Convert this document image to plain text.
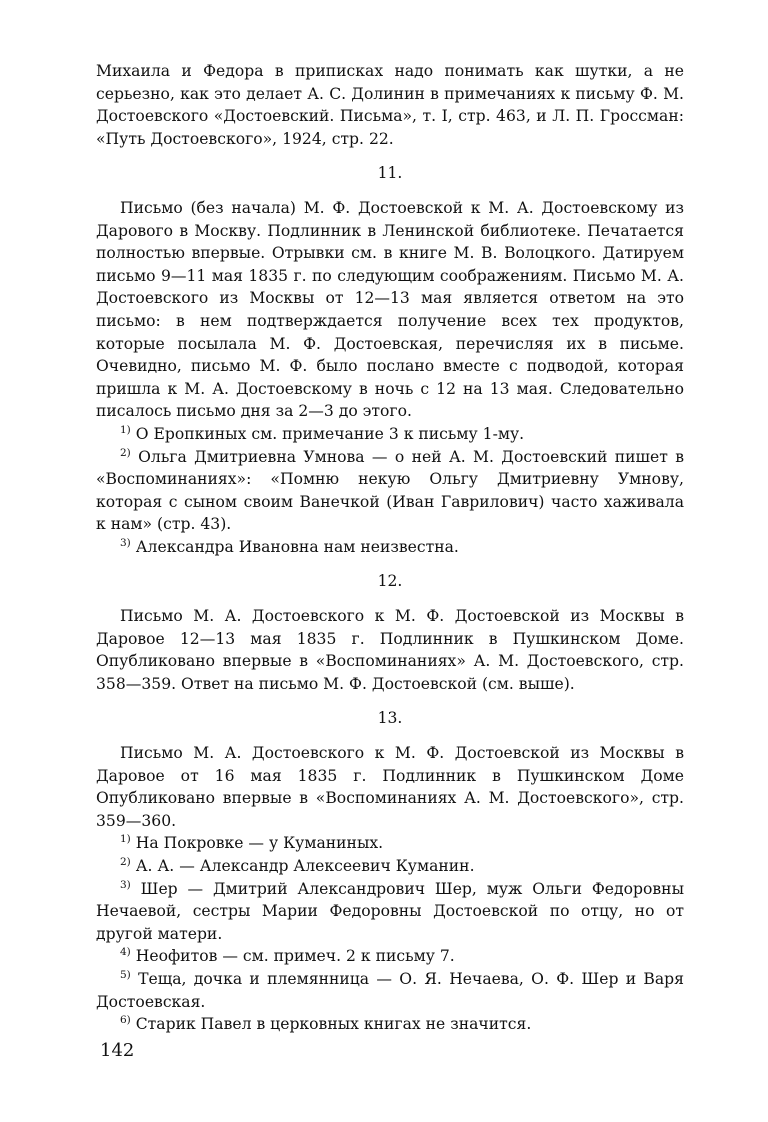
Михаила и Федора в приписках надо понимать как шутки, а не серьезно, как это делает А. С. Долинин в примечаниях к письму Ф. М. Достоевского «Достоевский. Письма», т. I, стр. 463, и Л. П. Гроссман: «Путь Достоевского», 1924, стр. 22.

11.

Письмо (без начала) М. Ф. Достоевской к М. А. Достоевскому из Дарового в Москву. Подлинник в Ленинской библиотеке. Печатается полностью впервые. Отрывки см. в книге М. В. Волоцкого. Датируем письмо 9—11 мая 1835 г. по следующим соображениям. Письмо М. А. Достоевского из Москвы от 12—13 мая является ответом на это письмо: в нем подтверждается получение всех тех продуктов, которые посылала М. Ф. Достоевская, перечисляя их в письме. Очевидно, письмо М. Ф. было послано вместе с подводой, которая пришла к М. А. Достоевскому в ночь с 12 на 13 мая. Следовательно писалось письмо дня за 2—3 до этого.

$^{1)}$ О Еропкиных см. примечание 3 к письму 1-му.

$^{2)}$ Ольга Дмитриевна Умнова — о ней А. М. Достоевский пишет в «Воспоминаниях»: «Помню некую Ольгу Дмитриевну Умнову, которая с сыном своим Ванечкой (Иван Гаврилович) часто хаживала к нам» (стр. 43).

$^{3)}$ Александра Ивановна нам неизвестна.

12.

Письмо М. А. Достоевского к М. Ф. Достоевской из Москвы в Даровое 12—13 мая 1835 г. Подлинник в Пушкинском Доме. Опубликовано впервые в «Воспоминаниях» А. М. Достоевского, стр. 358—359. Ответ на письмо М. Ф. Достоевской (см. выше).

13.

Письмо М. А. Достоевского к М. Ф. Достоевской из Москвы в Даровое от 16 мая 1835 г. Подлинник в Пушкинском Доме Опубликовано впервые в «Воспоминаниях А. М. Достоевского», стр. 359—360.

$^{1)}$ На Покровке — у Куманиных.

$^{2)}$ А. А. — Александр Алексеевич Куманин.

$^{3)}$ Шер — Дмитрий Александрович Шер, муж Ольги Федоровны Нечаевой, сестры Марии Федоровны Достоевской по отцу, но от другой матери.

$^{4)}$ Неофитов — см. примеч. 2 к письму 7.

$^{5)}$ Теща, дочка и племянница — О. Я. Нечаева, О. Ф. Шер и Варя Достоевская.

$^{6)}$ Старик Павел в церковных книгах не значится.

142
